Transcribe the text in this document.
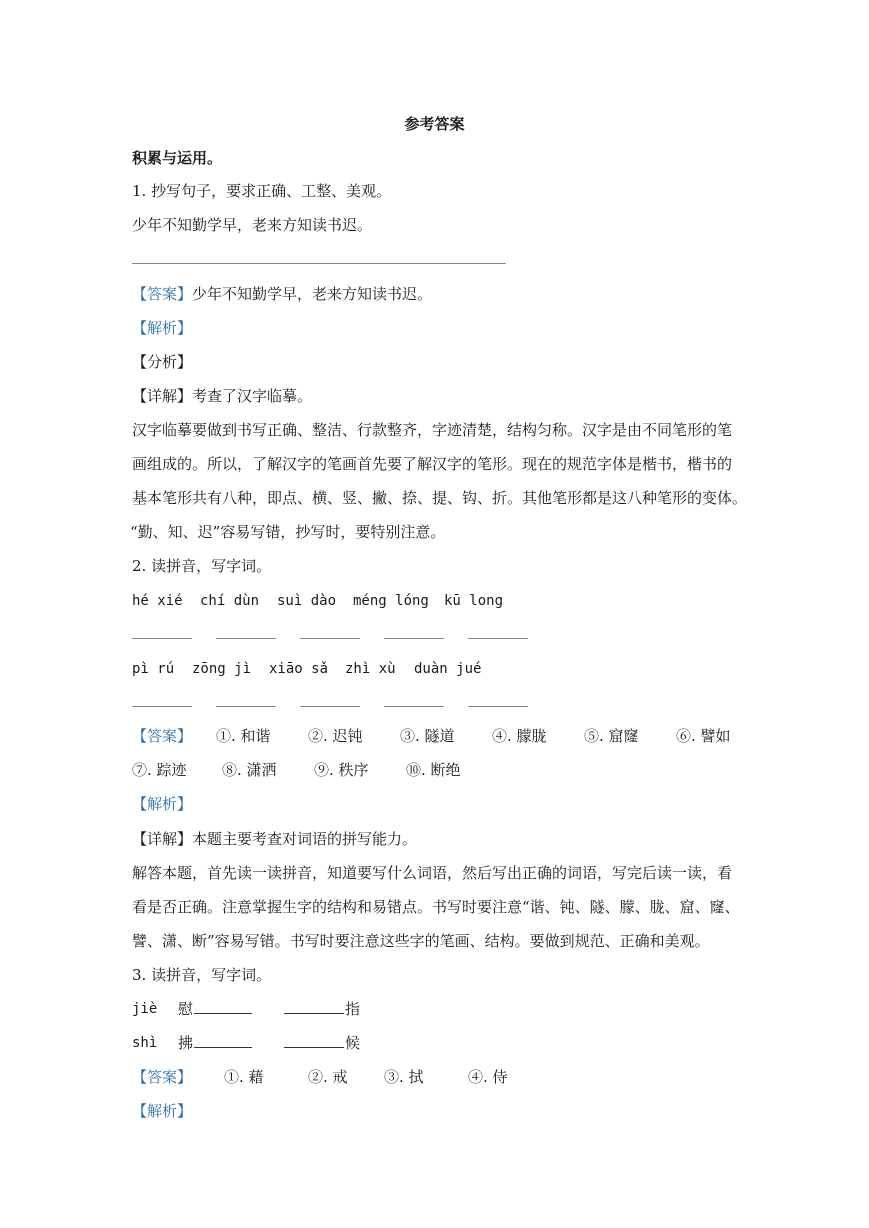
参考答案
积累与运用。
1. 抄写句子，要求正确、工整、美观。
少年不知勤学早，老来方知读书迟。
【答案】少年不知勤学早，老来方知读书迟。
【解析】
【分析】
【详解】考查了汉字临摹。
汉字临摹要做到书写正确、整洁、行款整齐，字迹清楚，结构匀称。汉字是由不同笔形的笔
画组成的。所以，了解汉字的笔画首先要了解汉字的笔形。现在的规范字体是楷书，楷书的
基本笔形共有八种，即点、横、竖、撇、捺、提、钩、折。其他笔形都是这八种笔形的变体。
“勤、知、迟”容易写错，抄写时，要特别注意。
2. 读拼音，写字词。
hé xié chí dùn suì dào méng lóng kū long
pì rú zōng jì xiāo sǎ zhì xù duàn jué
【答案】 ①. 和谐 ②. 迟钝 ③. 隧道 ④. 朦胧 ⑤. 窟窿 ⑥. 譬如
⑦. 踪迹 ⑧. 潇洒 ⑨. 秩序 ⑩. 断绝
【解析】
【详解】本题主要考查对词语的拼写能力。
解答本题，首先读一读拼音，知道要写什么词语，然后写出正确的词语，写完后读一读，看
看是否正确。注意掌握生字的结构和易错点。书写时要注意“谐、钝、隧、朦、胧、窟、窿、
譬、潇、断”容易写错。书写时要注意这些字的笔画、结构。要做到规范、正确和美观。
3. 读拼音，写字词。
jiè 慰	指
shì 拂	候
【答案】 ①. 藉	②. 戒 ③. 拭	④. 侍
【解析】
